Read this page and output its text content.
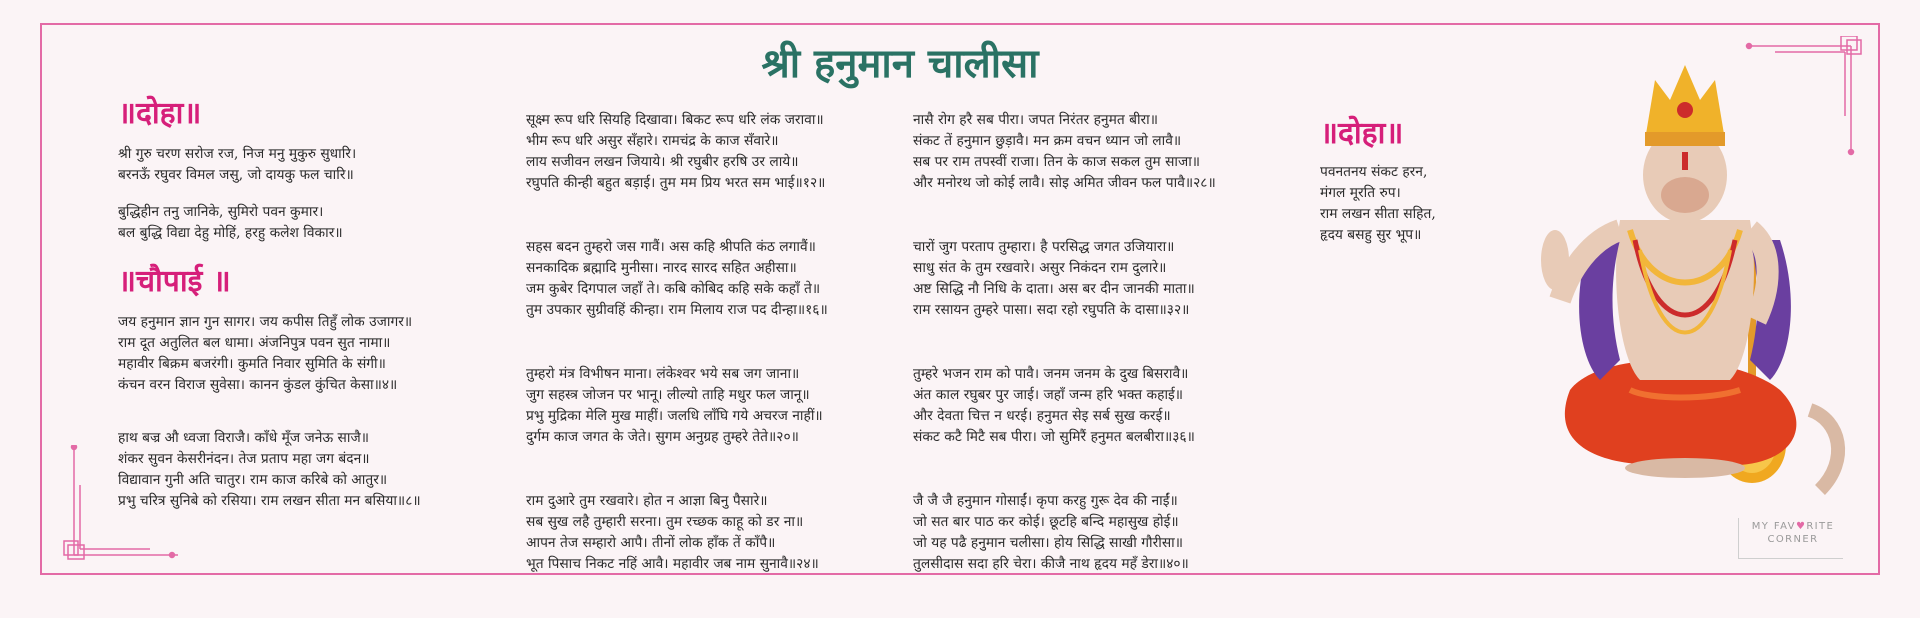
श्री हनुमान चालीसा
॥दोहा॥

श्री गुरु चरण सरोज रज, निज मनु मुकुरु सुधारि।

बरनऊँ रघुवर विमल जसु, जो दायकु फल चारि॥

बुद्धिहीन तनु जानिके, सुमिरो पवन कुमार।

बल बुद्धि विद्या देहु मोहिं, हरहु कलेश विकार॥

॥चौपाई ॥

जय हनुमान ज्ञान गुन सागर। जय कपीस तिहुँ लोक उजागर॥

राम दूत अतुलित बल धामा। अंजनिपुत्र पवन सुत नामा॥

महावीर बिक्रम बजरंगी। कुमति निवार सुमिति के संगी॥

कंचन वरन विराज सुवेसा। कानन कुंडल कुंचित केसा॥४॥

हाथ बज्र औ ध्वजा विराजै। काँधे मूँज जनेऊ साजै॥

शंकर सुवन केसरीनंदन। तेज प्रताप महा जग बंदन॥

विद्यावान गुनी अति चातुर। राम काज करिबे को आतुर॥

प्रभु चरित्र सुनिबे को रसिया। राम लखन सीता मन बसिया॥८॥

सूक्ष्म रूप धरि सियहि दिखावा। बिकट रूप धरि लंक जरावा॥

भीम रूप धरि असुर सँहारे। रामचंद्र के काज सँवारे॥

लाय सजीवन लखन जियाये। श्री रघुबीर हरषि उर लाये॥

रघुपति कीन्ही बहुत बड़ाई। तुम मम प्रिय भरत सम भाई॥१२॥

सहस बदन तुम्हरो जस गावैं। अस कहि श्रीपति कंठ लगावैं॥

सनकादिक ब्रह्मादि मुनीसा। नारद सारद सहित अहीसा॥

जम कुबेर दिगपाल जहाँ ते। कबि कोबिद कहि सके कहाँ ते॥

तुम उपकार सुग्रीवहिं कीन्हा। राम मिलाय राज पद दीन्हा॥१६॥

तुम्हरो मंत्र विभीषन माना। लंकेश्वर भये सब जग जाना॥

जुग सहस्त्र जोजन पर भानू। लील्यो ताहि मधुर फल जानू॥

प्रभु मुद्रिका मेलि मुख माहीं। जलधि लाँघि गये अचरज नाहीं॥

दुर्गम काज जगत के जेते। सुगम अनुग्रह तुम्हरे तेते॥२०॥

राम दुआरे तुम रखवारे। होत न आज्ञा बिनु पैसारे॥

सब सुख लहै तुम्हारी सरना। तुम रच्छक काहू को डर ना॥

आपन तेज सम्हारो आपै। तीनों लोक हाँक तें काँपै॥

भूत पिसाच निकट नहिं आवै। महावीर जब नाम सुनावै॥२४॥

नासै रोग हरै सब पीरा। जपत निरंतर हनुमत बीरा॥

संकट तें हनुमान छुड़ावै। मन क्रम वचन ध्यान जो लावै॥

सब पर राम तपस्वीं राजा। तिन के काज सकल तुम साजा॥

और मनोरथ जो कोई लावै। सोइ अमित जीवन फल पावै॥२८॥

चारों जुग परताप तुम्हारा। है परसिद्ध जगत उजियारा॥

साधु संत के तुम रखवारे। असुर निकंदन राम दुलारे॥

अष्ट सिद्धि नौ निधि के दाता। अस बर दीन जानकी माता॥

राम रसायन तुम्हरे पासा। सदा रहो रघुपति के दासा॥३२॥

तुम्हरे भजन राम को पावै। जनम जनम के दुख बिसरावै॥

अंत काल रघुबर पुर जाई। जहाँ जन्म हरि भक्त कहाई॥

और देवता चित्त न धरई। हनुमत सेइ सर्ब सुख करई॥

संकट कटै मिटै सब पीरा। जो सुमिरैं हनुमत बलबीरा॥३६॥

जै जै जै हनुमान गोसाईं। कृपा करहु गुरू देव की नाईं॥

जो सत बार पाठ कर कोई। छूटहि बन्दि महासुख होई॥

जो यह पढै हनुमान चलीसा। होय सिद्धि साखी गौरीसा॥

तुलसीदास सदा हरि चेरा। कीजै नाथ हृदय महँ डेरा॥४०॥

॥दोहा॥

पवनतनय संकट हरन,

मंगल मूरति रुप।

राम लखन सीता सहित,

हृदय बसहु सुर भूप॥

MY FAV♥RITE
CORNER
